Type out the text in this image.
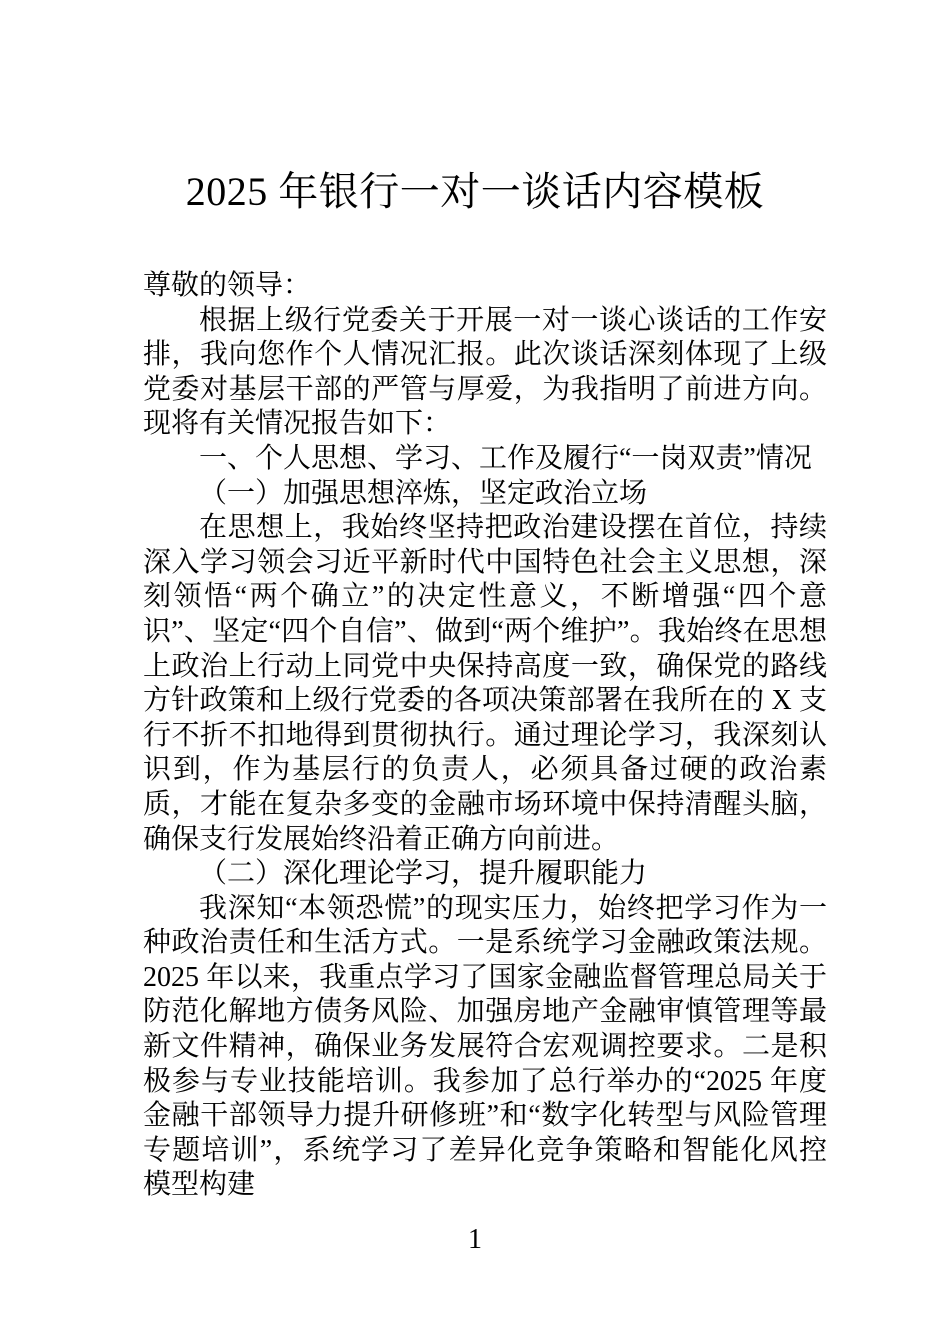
2025 年银行一对一谈话内容模板

尊敬的领导：

根据上级行党委关于开展一对一谈心谈话的工作安排，我向您作个人情况汇报。此次谈话深刻体现了上级党委对基层干部的严管与厚爱，为我指明了前进方向。现将有关情况报告如下：

一、个人思想、学习、工作及履行“一岗双责”情况

（一）加强思想淬炼，坚定政治立场

在思想上，我始终坚持把政治建设摆在首位，持续深入学习领会习近平新时代中国特色社会主义思想，深刻领悟“两个确立”的决定性意义，不断增强“四个意识”、坚定“四个自信”、做到“两个维护”。我始终在思想上政治上行动上同党中央保持高度一致，确保党的路线方针政策和上级行党委的各项决策部署在我所在的 X 支行不折不扣地得到贯彻执行。通过理论学习，我深刻认识到，作为基层行的负责人，必须具备过硬的政治素质，才能在复杂多变的金融市场环境中保持清醒头脑，确保支行发展始终沿着正确方向前进。

（二）深化理论学习，提升履职能力

我深知“本领恐慌”的现实压力，始终把学习作为一种政治责任和生活方式。一是系统学习金融政策法规。2025 年以来，我重点学习了国家金融监督管理总局关于防范化解地方债务风险、加强房地产金融审慎管理等最新文件精神，确保业务发展符合宏观调控要求。二是积极参与专业技能培训。我参加了总行举办的“2025 年度金融干部领导力提升研修班”和“数字化转型与风险管理专题培训”，系统学习了差异化竞争策略和智能化风控模型构建

1
